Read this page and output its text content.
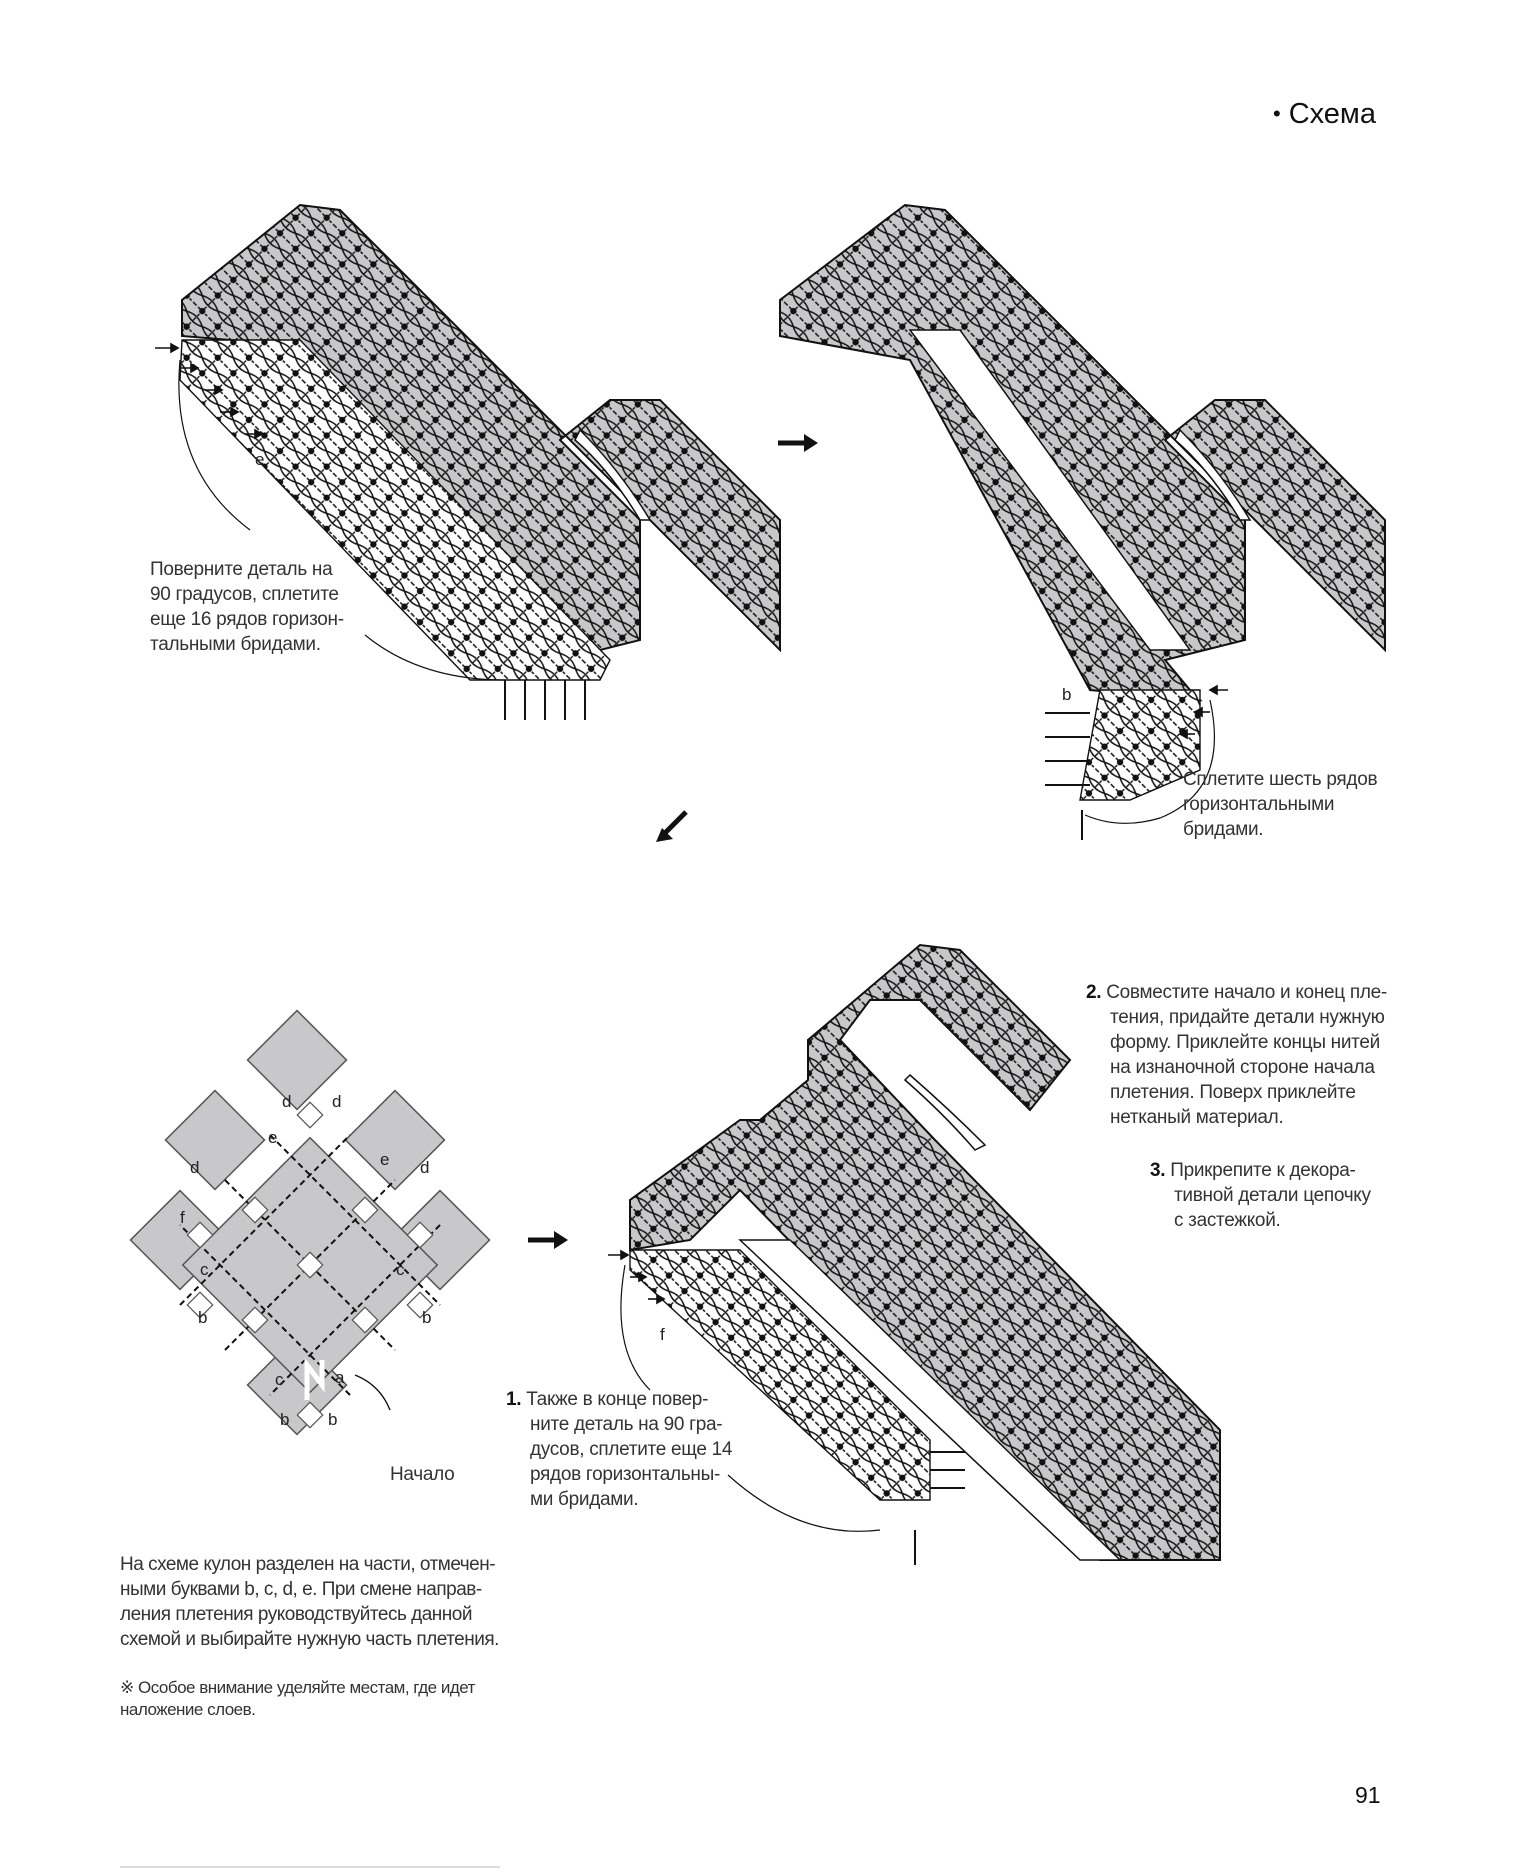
• Схема
e
b
d d
e
e
d	d
f
c	c
b	b
c	a
b b
f
Поверните деталь на
90 градусов, сплетите
еще 16 рядов горизон-
тальными бридами.
Сплетите шесть рядов
горизонтальными
бридами.
2. Совместите начало и конец пле-
тения, придайте детали нужную
форму. Приклейте концы нитей
на изнаночной стороне начала
плетения. Поверх приклейте
нетканый материал.
3. Прикрепите к декора-
тивной детали цепочку
с застежкой.
1. Также в конце повер-
ните деталь на 90 гра-
дусов, сплетите еще 14
рядов горизонтальны-
ми бридами.
Начало
На схеме кулон разделен на части, отмечен-
ными буквами b, c, d, e. При смене направ-
ления плетения руководствуйтесь данной
схемой и выбирайте нужную часть плетения.
※ Особое внимание уделяйте местам, где идет
наложение слоев.
91
